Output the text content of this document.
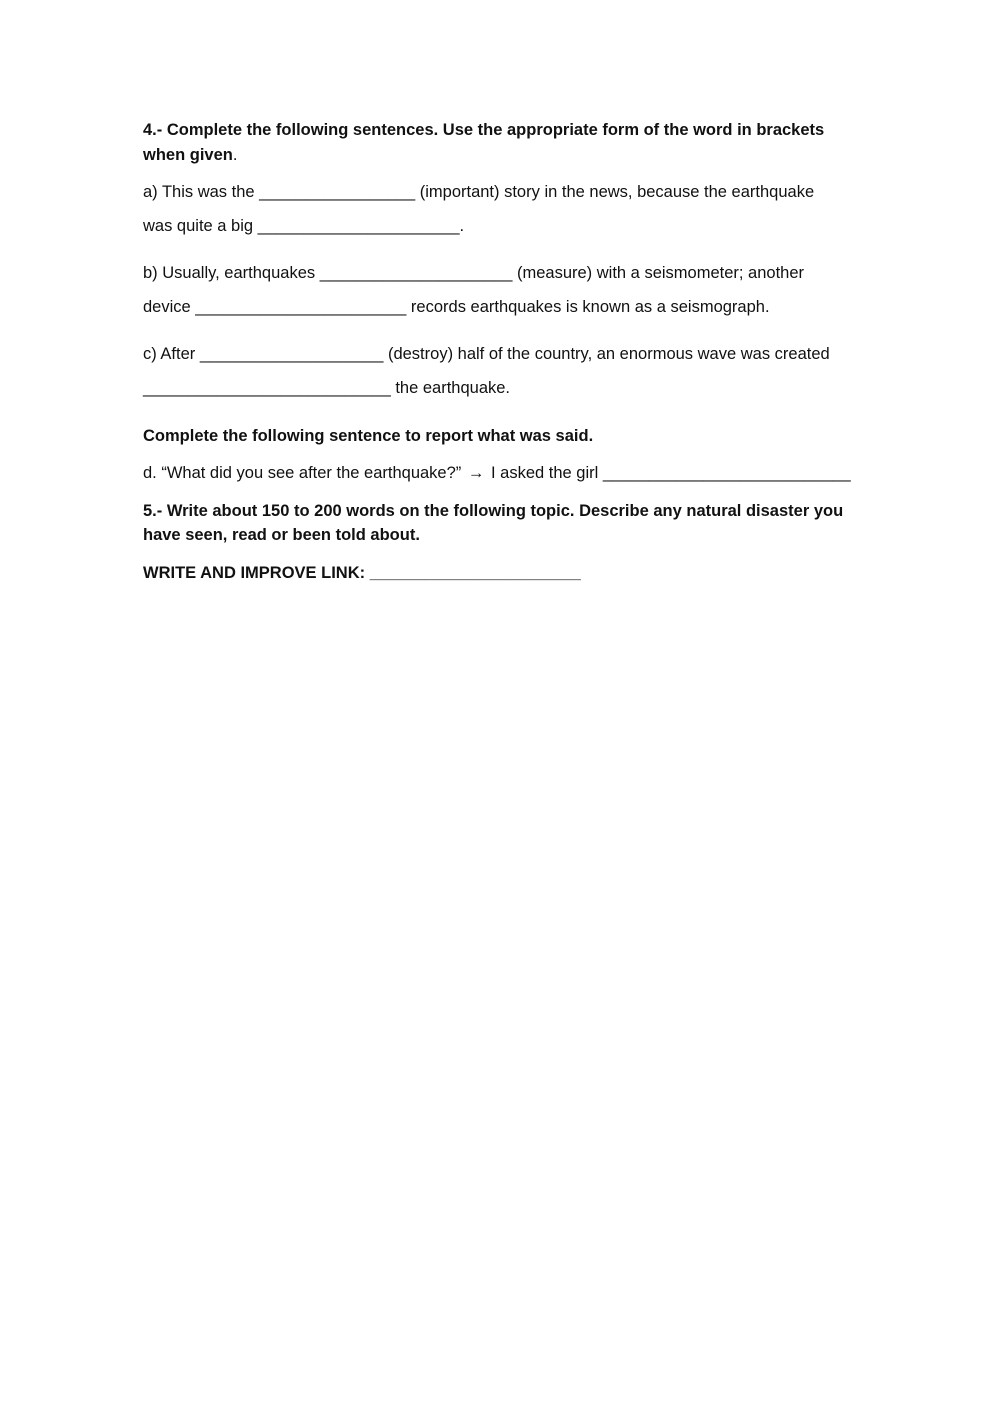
4.- Complete the following sentences. Use the appropriate form of the word in brackets
when given.
a) This was the _________________ (important) story in the news, because the earthquake
was quite a big ______________________.
b) Usually, earthquakes _____________________ (measure) with a seismometer; another
device _______________________ records earthquakes is known as a seismograph.
c) After ____________________ (destroy) half of the country, an enormous wave was created
___________________________ the earthquake.
Complete the following sentence to report what was said.
d. “What did you see after the earthquake?” → I asked the girl ___________________________
5.- Write about 150 to 200 words on the following topic. Describe any natural disaster you
have seen, read or been told about.
WRITE AND IMPROVE LINK: _______________________
